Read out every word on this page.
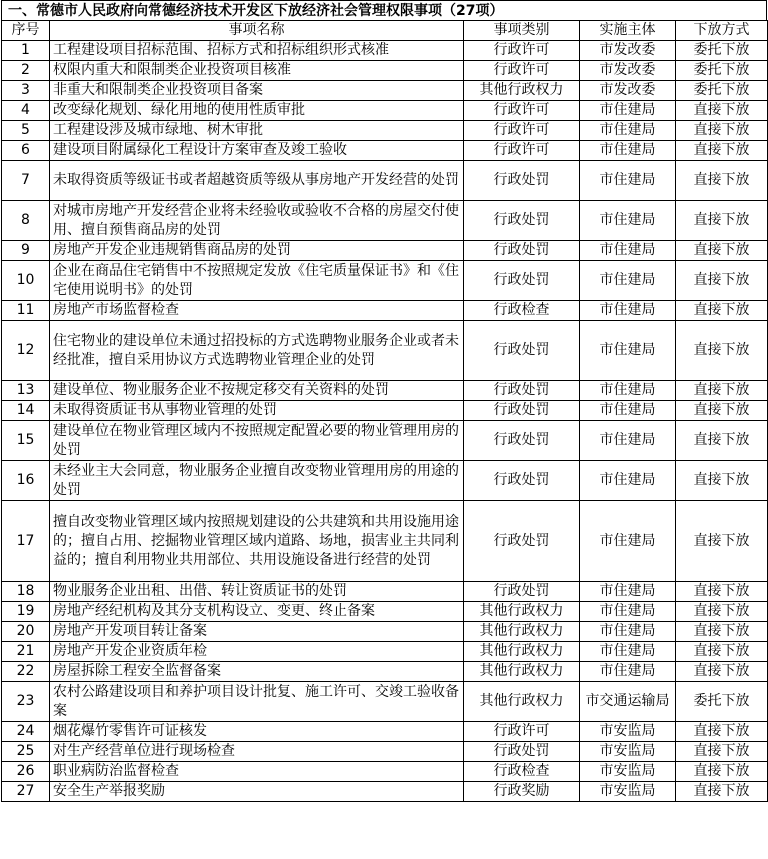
一、常德市人民政府向常德经济技术开发区下放经济社会管理权限事项（27项）
序号	事项名称	事项类别	实施主体	下放方式
1	工程建设项目招标范围、招标方式和招标组织形式核准	行政许可	市发改委	委托下放
2	权限内重大和限制类企业投资项目核准	行政许可	市发改委	委托下放
3	非重大和限制类企业投资项目备案	其他行政权力	市发改委	委托下放
4	改变绿化规划、绿化用地的使用性质审批	行政许可	市住建局	直接下放
5	工程建设涉及城市绿地、树木审批	行政许可	市住建局	直接下放
6	建设项目附属绿化工程设计方案审查及竣工验收	行政许可	市住建局	直接下放
7	未取得资质等级证书或者超越资质等级从事房地产开发经营的处罚	行政处罚	市住建局	直接下放
8	对城市房地产开发经营企业将未经验收或验收不合格的房屋交付使用、擅自预售商品房的处罚	行政处罚	市住建局	直接下放
9	房地产开发企业违规销售商品房的处罚	行政处罚	市住建局	直接下放
10	企业在商品住宅销售中不按照规定发放《住宅质量保证书》和《住宅使用说明书》的处罚	行政处罚	市住建局	直接下放
11	房地产市场监督检查	行政检查	市住建局	直接下放
12	住宅物业的建设单位未通过招投标的方式选聘物业服务企业或者未经批准，擅自采用协议方式选聘物业管理企业的处罚	行政处罚	市住建局	直接下放
13	建设单位、物业服务企业不按规定移交有关资料的处罚	行政处罚	市住建局	直接下放
14	未取得资质证书从事物业管理的处罚	行政处罚	市住建局	直接下放
15	建设单位在物业管理区域内不按照规定配置必要的物业管理用房的处罚	行政处罚	市住建局	直接下放
16	未经业主大会同意，物业服务企业擅自改变物业管理用房的用途的处罚	行政处罚	市住建局	直接下放
17	擅自改变物业管理区域内按照规划建设的公共建筑和共用设施用途的；擅自占用、挖掘物业管理区域内道路、场地，损害业主共同利益的；擅自利用物业共用部位、共用设施设备进行经营的处罚	行政处罚	市住建局	直接下放
18	物业服务企业出租、出借、转让资质证书的处罚	行政处罚	市住建局	直接下放
19	房地产经纪机构及其分支机构设立、变更、终止备案	其他行政权力	市住建局	直接下放
20	房地产开发项目转让备案	其他行政权力	市住建局	直接下放
21	房地产开发企业资质年检	其他行政权力	市住建局	直接下放
22	房屋拆除工程安全监督备案	其他行政权力	市住建局	直接下放
23	农村公路建设项目和养护项目设计批复、施工许可、交竣工验收备案	其他行政权力	市交通运输局	委托下放
24	烟花爆竹零售许可证核发	行政许可	市安监局	直接下放
25	对生产经营单位进行现场检查	行政处罚	市安监局	直接下放
26	职业病防治监督检查	行政检查	市安监局	直接下放
27	安全生产举报奖励	行政奖励	市安监局	直接下放
